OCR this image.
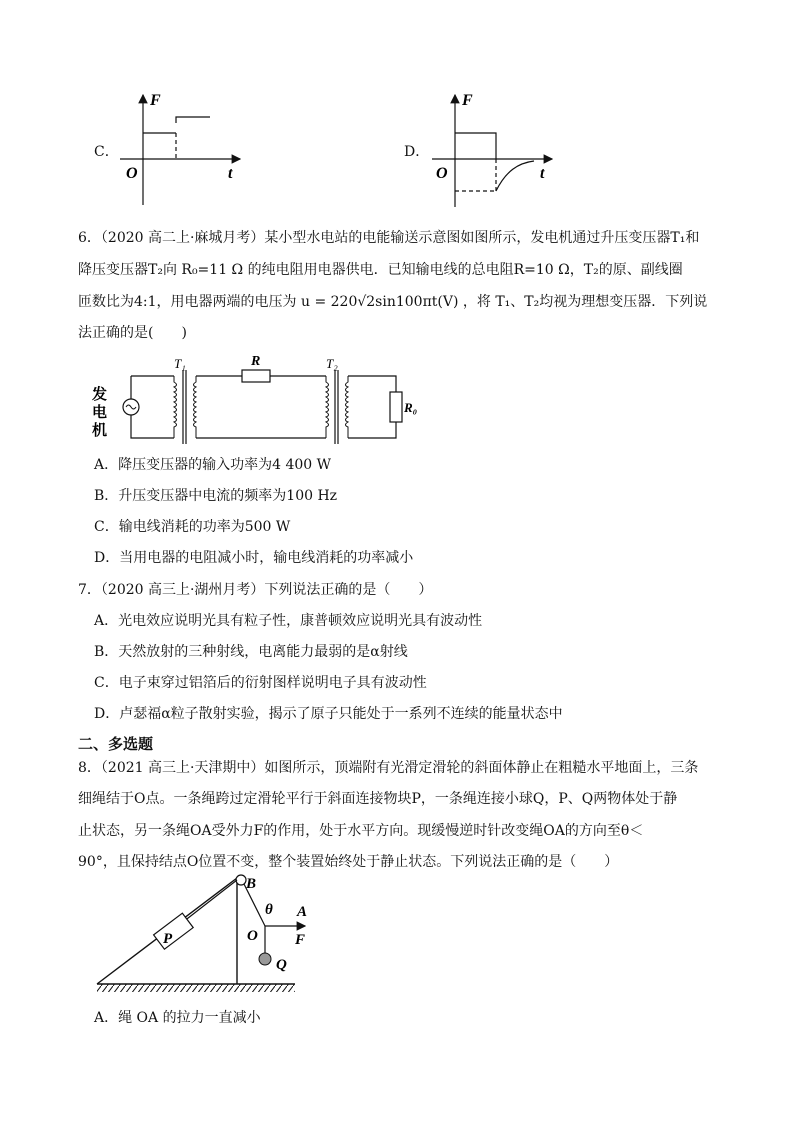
C．
F
t
O
D．
F
t
O
6．（2020 高二上·麻城月考）某小型水电站的电能输送示意图如图所示，发电机通过升压变压器T₁和
降压变压器T₂向 R₀=11 Ω 的纯电阻用电器供电．已知输电线的总电阻R=10 Ω，T₂的原、副线圈
匝数比为4:1，用电器两端的电压为 u = 220√2sin100πt(V) ，将 T₁、T₂均视为理想变压器．下列说
法正确的是(　　)
发
电
机
T₁	R	T₂
R₀
A．降压变压器的输入功率为4 400 W
B．升压变压器中电流的频率为100 Hz
C．输电线消耗的功率为500 W
D．当用电器的电阻减小时，输电线消耗的功率减小
7．（2020 高三上·湖州月考）下列说法正确的是（　　）
A．光电效应说明光具有粒子性，康普顿效应说明光具有波动性
B．天然放射的三种射线，电离能力最弱的是α射线
C．电子束穿过铝箔后的衍射图样说明电子具有波动性
D．卢瑟福α粒子散射实验，揭示了原子只能处于一系列不连续的能量状态中
二、多选题
8．（2021 高三上·天津期中）如图所示，顶端附有光滑定滑轮的斜面体静止在粗糙水平地面上，三条
细绳结于O点。一条绳跨过定滑轮平行于斜面连接物块P，一条绳连接小球Q，P、Q两物体处于静
止状态，另一条绳OA受外力F的作用，处于水平方向。现缓慢逆时针改变绳OA的方向至θ＜
90°，且保持结点O位置不变，整个装置始终处于静止状态。下列说法正确的是（　　）
P
B
θ A
O F
Q
A．绳 OA 的拉力一直减小
